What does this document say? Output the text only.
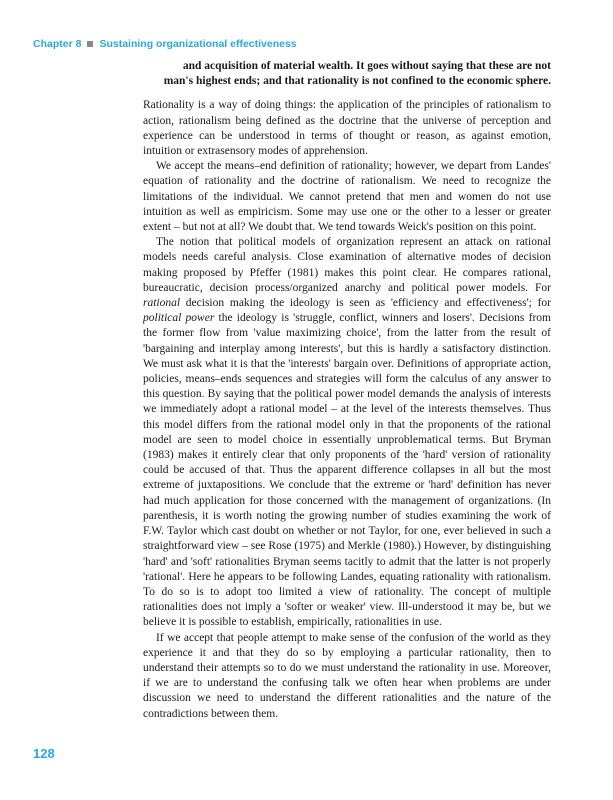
Chapter 8 Sustaining organizational effectiveness
and acquisition of material wealth. It goes without saying that these are not
man's highest ends; and that rationality is not confined to the economic sphere.

Rationality is a way of doing things: the application of the principles of rationalism to action, rationalism being defined as the doctrine that the universe of perception and experience can be understood in terms of thought or reason, as against emotion, intuition or extrasensory modes of apprehension.

We accept the means–end definition of rationality; however, we depart from Landes' equation of rationality and the doctrine of rationalism. We need to recognize the limitations of the individual. We cannot pretend that men and women do not use intuition as well as empiricism. Some may use one or the other to a lesser or greater extent – but not at all? We doubt that. We tend towards Weick's position on this point.

The notion that political models of organization represent an attack on rational models needs careful analysis. Close examination of alternative modes of decision making proposed by Pfeffer (1981) makes this point clear. He compares rational, bureaucratic, decision process/organized anarchy and political power models. For rational decision making the ideology is seen as 'efficiency and effectiveness'; for political power the ideology is 'struggle, conflict, winners and losers'. Decisions from the former flow from 'value maximizing choice', from the latter from the result of 'bargaining and interplay among interests', but this is hardly a satisfactory distinction. We must ask what it is that the 'interests' bargain over. Definitions of appropriate action, policies, means–ends sequences and strategies will form the calculus of any answer to this question. By saying that the political power model demands the analysis of interests we immediately adopt a rational model – at the level of the interests themselves. Thus this model differs from the rational model only in that the proponents of the rational model are seen to model choice in essentially unproblematical terms. But Bryman (1983) makes it entirely clear that only proponents of the 'hard' version of rationality could be accused of that. Thus the apparent difference collapses in all but the most extreme of juxtapositions. We conclude that the extreme or 'hard' definition has never had much application for those concerned with the management of organizations. (In parenthesis, it is worth noting the growing number of studies examining the work of F.W. Taylor which cast doubt on whether or not Taylor, for one, ever believed in such a straightforward view – see Rose (1975) and Merkle (1980).) However, by distinguishing 'hard' and 'soft' rationalities Bryman seems tacitly to admit that the latter is not properly 'rational'. Here he appears to be following Landes, equating rationality with rationalism. To do so is to adopt too limited a view of rationality. The concept of multiple rationalities does not imply a 'softer or weaker' view. Ill-understood it may be, but we believe it is possible to establish, empirically, rationalities in use.

If we accept that people attempt to make sense of the confusion of the world as they experience it and that they do so by employing a particular rationality, then to understand their attempts so to do we must understand the rationality in use. Moreover, if we are to understand the confusing talk we often hear when problems are under discussion we need to understand the different rationalities and the nature of the contradictions between them.

128
